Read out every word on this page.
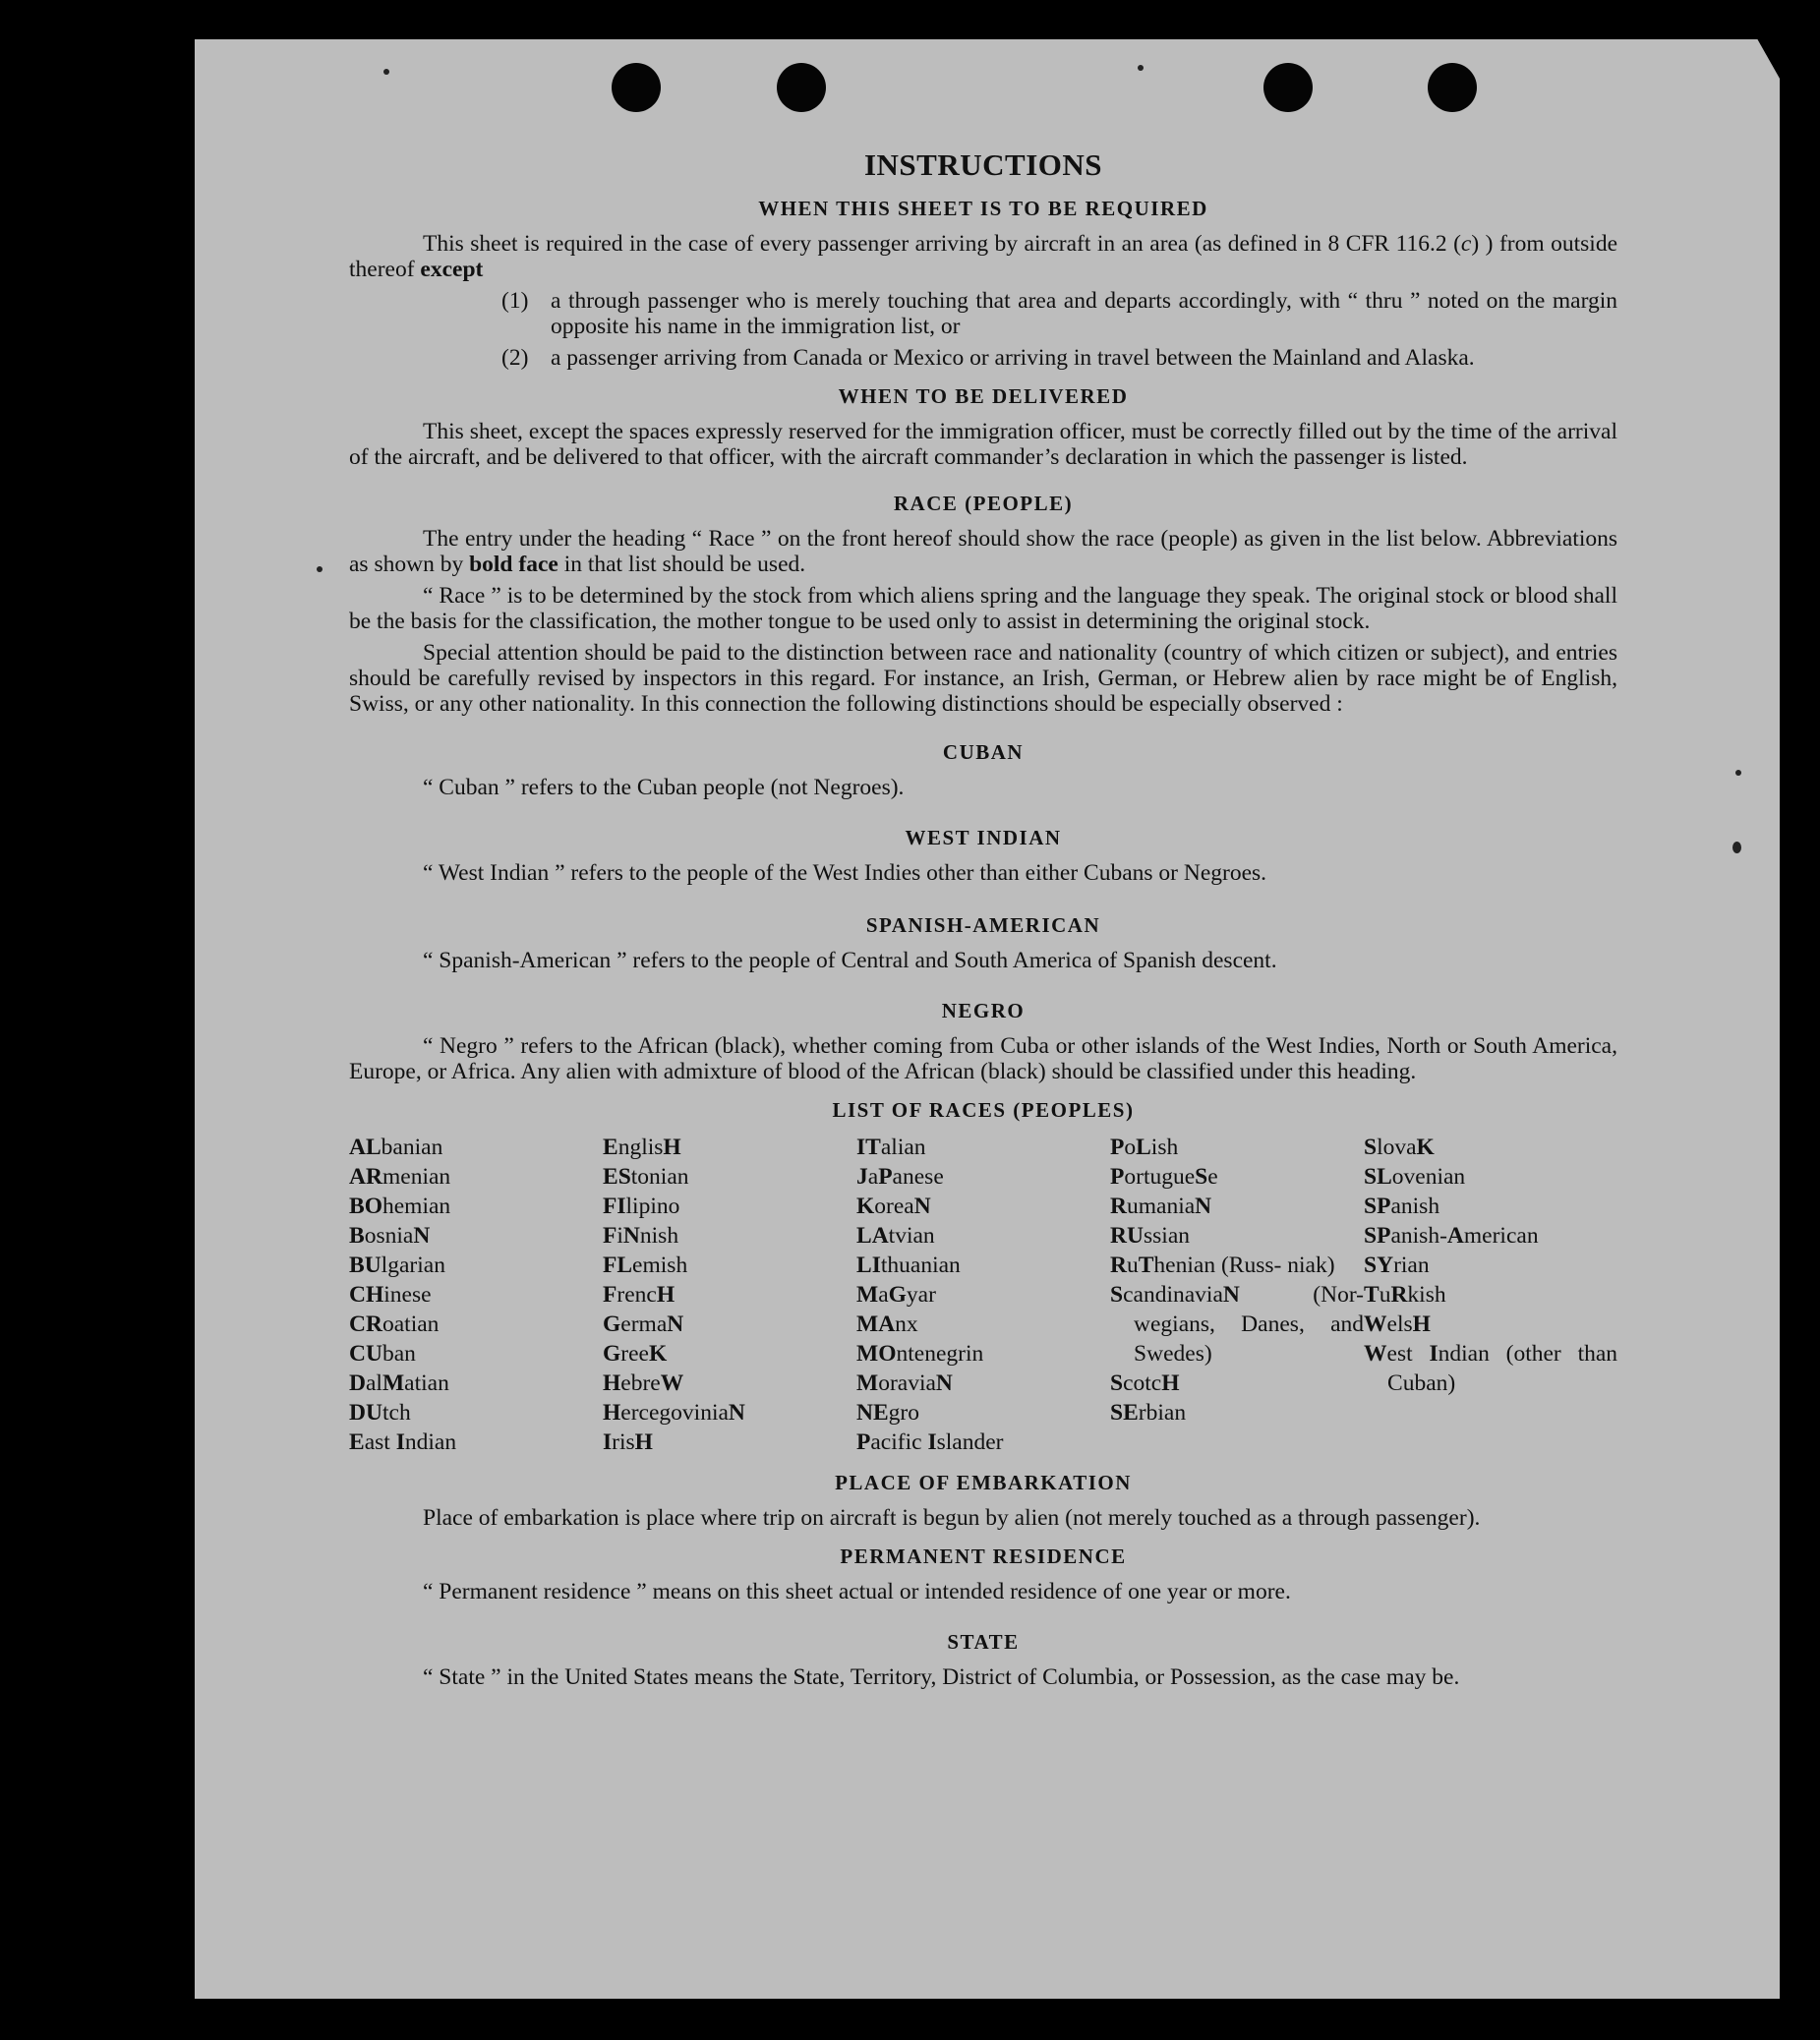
INSTRUCTIONS
WHEN THIS SHEET IS TO BE REQUIRED

This sheet is required in the case of every passenger arriving by aircraft in an area (as defined in 8 CFR 116.2 (c) ) from outside thereof except

(1) a through passenger who is merely touching that area and departs accordingly, with “ thru ” noted on the margin opposite his name in the immigration list, or
(2) a passenger arriving from Canada or Mexico or arriving in travel between the Mainland and Alaska.
WHEN TO BE DELIVERED

This sheet, except the spaces expressly reserved for the immigration officer, must be correctly filled out by the time of the arrival of the aircraft, and be delivered to that officer, with the aircraft commander’s declaration in which the passenger is listed.

RACE (PEOPLE)

The entry under the heading “ Race ” on the front hereof should show the race (people) as given in the list below. Abbreviations as shown by bold face in that list should be used.

“ Race ” is to be determined by the stock from which aliens spring and the language they speak. The original stock or blood shall be the basis for the classification, the mother tongue to be used only to assist in determining the original stock.

Special attention should be paid to the distinction between race and nationality (country of which citizen or subject), and entries should be carefully revised by inspectors in this regard. For instance, an Irish, German, or Hebrew alien by race might be of English, Swiss, or any other nationality. In this connection the following distinctions should be especially observed :

CUBAN

“ Cuban ” refers to the Cuban people (not Negroes).

WEST INDIAN

“ West Indian ” refers to the people of the West Indies other than either Cubans or Negroes.

SPANISH-AMERICAN

“ Spanish-American ” refers to the people of Central and South America of Spanish descent.

NEGRO

“ Negro ” refers to the African (black), whether coming from Cuba or other islands of the West Indies, North or South America, Europe, or Africa. Any alien with admixture of blood of the African (black) should be classified under this heading.

LIST OF RACES (PEOPLES)
ALbanian
ARmenian
BOhemian
BosniaN
BUlgarian
CHinese
CRoatian
CUban
DalMatian
DUtch
East Indian
EnglisH
EStonian
FIlipino
FiNnish
FLemish
FrencH
GermaN
GreeK
HebreW
HercegoviniaN
IrisH
ITalian
JaPanese
KoreaN
LAtvian
LIthuanian
MaGyar
MAnx
MOntenegrin
MoraviaN
NEgro
Pacific Islander
PoLish
PortugueSe
RumaniaN
RUssian
RuThenian (Russ- niak)
ScandinaviaN	(Nor- wegians, Danes, and Swedes)
ScotcH
SErbian
SlovaK
SLovenian
SPanish
SPanish-American
SYrian
TuRkish
WelsH
West Indian (other than Cuban)
PLACE OF EMBARKATION

Place of embarkation is place where trip on aircraft is begun by alien (not merely touched as a through passenger).

PERMANENT RESIDENCE

“ Permanent residence ” means on this sheet actual or intended residence of one year or more.

STATE

“ State ” in the United States means the State, Territory, District of Columbia, or Possession, as the case may be.
